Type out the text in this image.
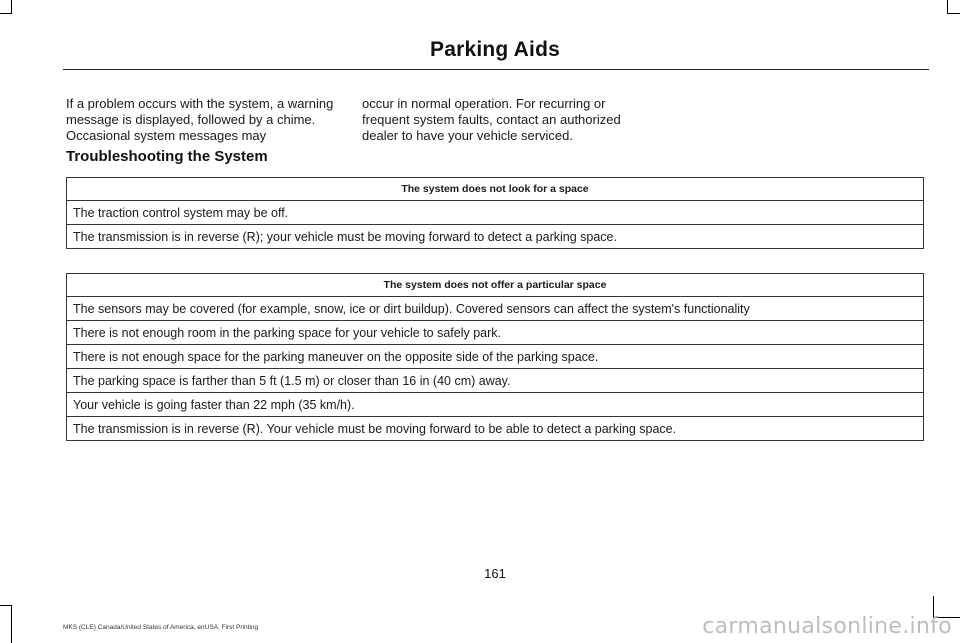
Parking Aids

If a problem occurs with the system, a warning message is displayed, followed by a chime. Occasional system messages may

occur in normal operation. For recurring or frequent system faults, contact an authorized dealer to have your vehicle serviced.

Troubleshooting the System
The system does not look for a space
The traction control system may be off.
The transmission is in reverse (R); your vehicle must be moving forward to detect a parking space.
The system does not offer a particular space
The sensors may be covered (for example, snow, ice or dirt buildup). Covered sensors can affect the system's functionality
There is not enough room in the parking space for your vehicle to safely park.
There is not enough space for the parking maneuver on the opposite side of the parking space.
The parking space is farther than 5 ft (1.5 m) or closer than 16 in (40 cm) away.
Your vehicle is going faster than 22 mph (35 km/h).
The transmission is in reverse (R). Your vehicle must be moving forward to be able to detect a parking space.
161
MKS (CLE) Canada/United States of America, enUSA, First Printing	carmanualsonline.info
